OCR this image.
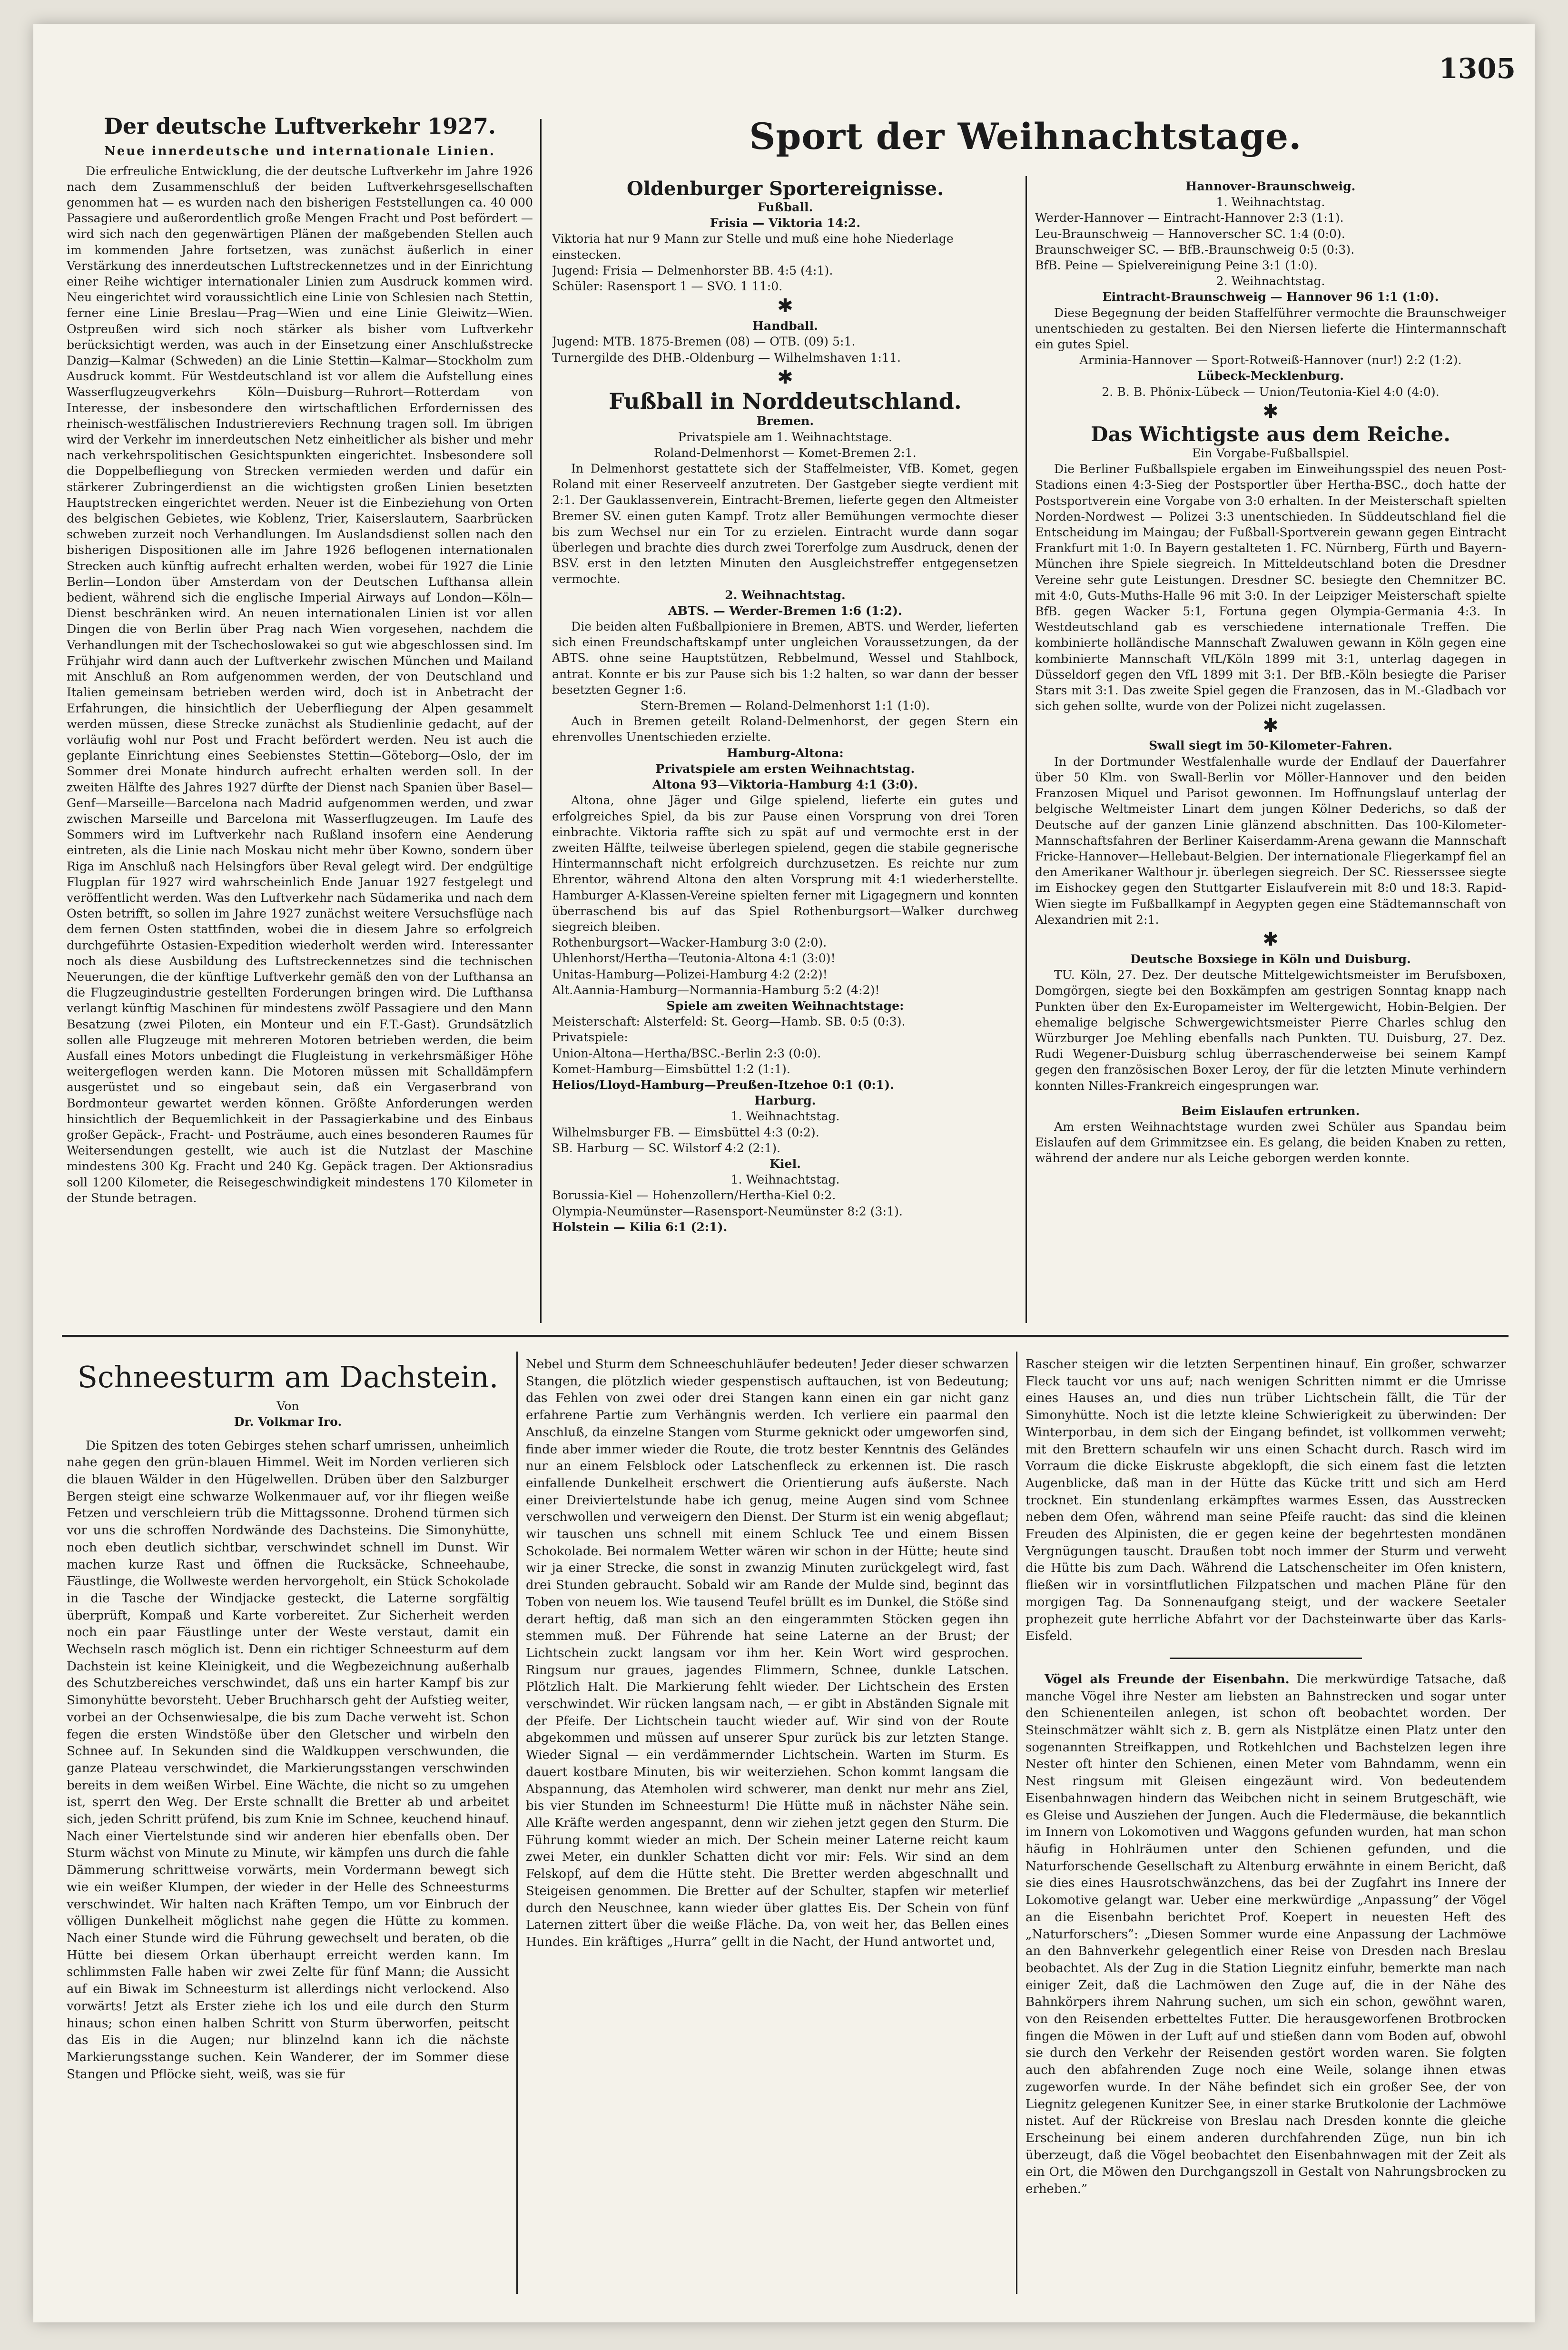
1305
Der deutsche Luftverkehr 1927.
Neue innerdeutsche und internationale Linien.

Die erfreuliche Entwicklung, die der deutsche Luftverkehr im Jahre 1926 nach dem Zusammenschluß der beiden Luftverkehrsgesellschaften genommen hat — es wurden nach den bisherigen Feststellungen ca. 40 000 Passagiere und außerordentlich große Mengen Fracht und Post befördert — wird sich nach den gegenwärtigen Plänen der maßgebenden Stellen auch im kommenden Jahre fortsetzen, was zunächst äußerlich in einer Verstärkung des innerdeutschen Luftstreckennetzes und in der Einrichtung einer Reihe wichtiger internationaler Linien zum Ausdruck kommen wird. Neu eingerichtet wird voraussichtlich eine Linie von Schlesien nach Stettin, ferner eine Linie Breslau—Prag—Wien und eine Linie Gleiwitz—Wien. Ostpreußen wird sich noch stärker als bisher vom Luftverkehr berücksichtigt werden, was auch in der Einsetzung einer Anschlußstrecke Danzig—Kalmar (Schweden) an die Linie Stettin—Kalmar—Stockholm zum Ausdruck kommt. Für Westdeutschland ist vor allem die Aufstellung eines Wasserflugzeugverkehrs Köln—Duisburg—Ruhrort—Rotterdam von Interesse, der insbesondere den wirtschaftlichen Erfordernissen des rheinisch-westfälischen Industriereviers Rechnung tragen soll. Im übrigen wird der Verkehr im innerdeutschen Netz einheitlicher als bisher und mehr nach verkehrspolitischen Gesichtspunkten eingerichtet. Insbesondere soll die Doppelbefliegung von Strecken vermieden werden und dafür ein stärkerer Zubringerdienst an die wichtigsten großen Linien besetzten Hauptstrecken eingerichtet werden. Neuer ist die Einbeziehung von Orten des belgischen Gebietes, wie Koblenz, Trier, Kaiserslautern, Saarbrücken schweben zurzeit noch Verhandlungen. Im Auslandsdienst sollen nach den bisherigen Dispositionen alle im Jahre 1926 beflogenen internationalen Strecken auch künftig aufrecht erhalten werden, wobei für 1927 die Linie Berlin—London über Amsterdam von der Deutschen Lufthansa allein bedient, während sich die englische Imperial Airways auf London—Köln—Dienst beschränken wird. An neuen internationalen Linien ist vor allen Dingen die von Berlin über Prag nach Wien vorgesehen, nachdem die Verhandlungen mit der Tschechoslowakei so gut wie abgeschlossen sind. Im Frühjahr wird dann auch der Luftverkehr zwischen München und Mailand mit Anschluß an Rom aufgenommen werden, der von Deutschland und Italien gemeinsam betrieben werden wird, doch ist in Anbetracht der Erfahrungen, die hinsichtlich der Ueberfliegung der Alpen gesammelt werden müssen, diese Strecke zunächst als Studienlinie gedacht, auf der vorläufig wohl nur Post und Fracht befördert werden. Neu ist auch die geplante Einrichtung eines Seebienstes Stettin—Göteborg—Oslo, der im Sommer drei Monate hindurch aufrecht erhalten werden soll. In der zweiten Hälfte des Jahres 1927 dürfte der Dienst nach Spanien über Basel—Genf—Marseille—Barcelona nach Madrid aufgenommen werden, und zwar zwischen Marseille und Barcelona mit Wasserflugzeugen. Im Laufe des Sommers wird im Luftverkehr nach Rußland insofern eine Aenderung eintreten, als die Linie nach Moskau nicht mehr über Kowno, sondern über Riga im Anschluß nach Helsingfors über Reval gelegt wird. Der endgültige Flugplan für 1927 wird wahrscheinlich Ende Januar 1927 festgelegt und veröffentlicht werden. Was den Luftverkehr nach Südamerika und nach dem Osten betrifft, so sollen im Jahre 1927 zunächst weitere Versuchsflüge nach dem fernen Osten stattfinden, wobei die in diesem Jahre so erfolgreich durchgeführte Ostasien-Expedition wiederholt werden wird. Interessanter noch als diese Ausbildung des Luftstreckennetzes sind die technischen Neuerungen, die der künftige Luftverkehr gemäß den von der Lufthansa an die Flugzeugindustrie gestellten Forderungen bringen wird. Die Lufthansa verlangt künftig Maschinen für mindestens zwölf Passagiere und den Mann Besatzung (zwei Piloten, ein Monteur und ein F.T.-Gast). Grundsätzlich sollen alle Flugzeuge mit mehreren Motoren betrieben werden, die beim Ausfall eines Motors unbedingt die Flugleistung in verkehrsmäßiger Höhe weitergeflogen werden kann. Die Motoren müssen mit Schalldämpfern ausgerüstet und so eingebaut sein, daß ein Vergaserbrand von Bordmonteur gewartet werden können. Größte Anforderungen werden hinsichtlich der Bequemlichkeit in der Passagierkabine und des Einbaus großer Gepäck-, Fracht- und Posträume, auch eines besonderen Raumes für Weitersendungen gestellt, wie auch ist die Nutzlast der Maschine mindestens 300 Kg. Fracht und 240 Kg. Gepäck tragen. Der Aktionsradius soll 1200 Kilometer, die Reisegeschwindigkeit mindestens 170 Kilometer in der Stunde betragen.

Sport der Weihnachtstage.
Oldenburger Sportereignisse.
Fußball.
Frisia — Viktoria 14:2.
Viktoria hat nur 9 Mann zur Stelle und muß eine hohe Niederlage einstecken.
Jugend: Frisia — Delmenhorster BB. 4:5 (4:1).
Schüler: Rasensport 1 — SVO. 1 11:0.
✱
Handball.
Jugend: MTB. 1875-Bremen (08) — OTB. (09) 5:1.
Turnergilde des DHB.-Oldenburg — Wilhelmshaven 1:11.
✱
Fußball in Norddeutschland.
Bremen.
Privatspiele am 1. Weihnachtstage.
Roland-Delmenhorst — Komet-Bremen 2:1.

In Delmenhorst gestattete sich der Staffelmeister, VfB. Komet, gegen Roland mit einer Reserveelf anzutreten. Der Gastgeber siegte verdient mit 2:1. Der Gauklassenverein, Eintracht-Bremen, lieferte gegen den Altmeister Bremer SV. einen guten Kampf. Trotz aller Bemühungen vermochte dieser bis zum Wechsel nur ein Tor zu erzielen. Eintracht wurde dann sogar überlegen und brachte dies durch zwei Torerfolge zum Ausdruck, denen der BSV. erst in den letzten Minuten den Ausgleichstreffer entgegensetzen vermochte.

2. Weihnachtstag.
ABTS. — Werder-Bremen 1:6 (1:2).

Die beiden alten Fußballpioniere in Bremen, ABTS. und Werder, lieferten sich einen Freundschaftskampf unter ungleichen Voraussetzungen, da der ABTS. ohne seine Hauptstützen, Rebbelmund, Wessel und Stahlbock, antrat. Konnte er bis zur Pause sich bis 1:2 halten, so war dann der besser besetzten Gegner 1:6.

Stern-Bremen — Roland-Delmenhorst 1:1 (1:0).

Auch in Bremen geteilt Roland-Delmenhorst, der gegen Stern ein ehrenvolles Unentschieden erzielte.

Hamburg-Altona:
Privatspiele am ersten Weihnachtstag.
Altona 93—Viktoria-Hamburg 4:1 (3:0).

Altona, ohne Jäger und Gilge spielend, lieferte ein gutes und erfolgreiches Spiel, da bis zur Pause einen Vorsprung von drei Toren einbrachte. Viktoria raffte sich zu spät auf und vermochte erst in der zweiten Hälfte, teilweise überlegen spielend, gegen die stabile gegnerische Hintermannschaft nicht erfolgreich durchzusetzen. Es reichte nur zum Ehrentor, während Altona den alten Vorsprung mit 4:1 wiederherstellte. Hamburger A-Klassen-Vereine spielten ferner mit Ligagegnern und konnten überraschend bis auf das Spiel Rothenburgsort—Walker durchweg siegreich bleiben.

Rothenburgsort—Wacker-Hamburg 3:0 (2:0).
Uhlenhorst/Hertha—Teutonia-Altona 4:1 (3:0)!
Unitas-Hamburg—Polizei-Hamburg 4:2 (2:2)!
Alt.Aannia-Hamburg—Normannia-Hamburg 5:2 (4:2)!
Spiele am zweiten Weihnachtstage:
Meisterschaft: Alsterfeld: St. Georg—Hamb. SB. 0:5 (0:3).
Privatspiele:
Union-Altona—Hertha/BSC.-Berlin 2:3 (0:0).
Komet-Hamburg—Eimsbüttel 1:2 (1:1).
Helios/Lloyd-Hamburg—Preußen-Itzehoe 0:1 (0:1).
Harburg.
1. Weihnachtstag.
Wilhelmsburger FB. — Eimsbüttel 4:3 (0:2).
SB. Harburg — SC. Wilstorf 4:2 (2:1).
Kiel.
1. Weihnachtstag.
Borussia-Kiel — Hohenzollern/Hertha-Kiel 0:2.
Olympia-Neumünster—Rasensport-Neumünster 8:2 (3:1).
Holstein — Kilia 6:1 (2:1).
Hannover-Braunschweig.
1. Weihnachtstag.
Werder-Hannover — Eintracht-Hannover 2:3 (1:1).
Leu-Braunschweig — Hannoverscher SC. 1:4 (0:0).
Braunschweiger SC. — BfB.-Braunschweig 0:5 (0:3).
BfB. Peine — Spielvereinigung Peine 3:1 (1:0).
2. Weihnachtstag.
Eintracht-Braunschweig — Hannover 96 1:1 (1:0).

Diese Begegnung der beiden Staffelführer vermochte die Braunschweiger unentschieden zu gestalten. Bei den Niersen lieferte die Hintermannschaft ein gutes Spiel.

Arminia-Hannover — Sport-Rotweiß-Hannover (nur!) 2:2 (1:2).
Lübeck-Mecklenburg.
2. B. B. Phönix-Lübeck — Union/Teutonia-Kiel 4:0 (4:0).
✱
Das Wichtigste aus dem Reiche.
Ein Vorgabe-Fußballspiel.

Die Berliner Fußballspiele ergaben im Einweihungsspiel des neuen Post-Stadions einen 4:3-Sieg der Postsportler über Hertha-BSC., doch hatte der Postsportverein eine Vorgabe von 3:0 erhalten. In der Meisterschaft spielten Norden-Nordwest — Polizei 3:3 unentschieden. In Süddeutschland fiel die Entscheidung im Maingau; der Fußball-Sportverein gewann gegen Eintracht Frankfurt mit 1:0. In Bayern gestalteten 1. FC. Nürnberg, Fürth und Bayern-München ihre Spiele siegreich. In Mitteldeutschland boten die Dresdner Vereine sehr gute Leistungen. Dresdner SC. besiegte den Chemnitzer BC. mit 4:0, Guts-Muths-Halle 96 mit 3:0. In der Leipziger Meisterschaft spielte BfB. gegen Wacker 5:1, Fortuna gegen Olympia-Germania 4:3. In Westdeutschland gab es verschiedene internationale Treffen. Die kombinierte holländische Mannschaft Zwaluwen gewann in Köln gegen eine kombinierte Mannschaft VfL/Köln 1899 mit 3:1, unterlag dagegen in Düsseldorf gegen den VfL 1899 mit 3:1. Der BfB.-Köln besiegte die Pariser Stars mit 3:1. Das zweite Spiel gegen die Franzosen, das in M.-Gladbach vor sich gehen sollte, wurde von der Polizei nicht zugelassen.

✱
Swall siegt im 50-Kilometer-Fahren.

In der Dortmunder Westfalenhalle wurde der Endlauf der Dauerfahrer über 50 Klm. von Swall-Berlin vor Möller-Hannover und den beiden Franzosen Miquel und Parisot gewonnen. Im Hoffnungslauf unterlag der belgische Weltmeister Linart dem jungen Kölner Dederichs, so daß der Deutsche auf der ganzen Linie glänzend abschnitten. Das 100-Kilometer-Mannschaftsfahren der Berliner Kaiserdamm-Arena gewann die Mannschaft Fricke-Hannover—Hellebaut-Belgien. Der internationale Fliegerkampf fiel an den Amerikaner Walthour jr. überlegen siegreich. Der SC. Riesserssee siegte im Eishockey gegen den Stuttgarter Eislaufverein mit 8:0 und 18:3. Rapid-Wien siegte im Fußballkampf in Aegypten gegen eine Städtemannschaft von Alexandrien mit 2:1.

✱
Deutsche Boxsiege in Köln und Duisburg.

TU. Köln, 27. Dez. Der deutsche Mittelgewichtsmeister im Berufsboxen, Domgörgen, siegte bei den Boxkämpfen am gestrigen Sonntag knapp nach Punkten über den Ex-Europameister im Weltergewicht, Hobin-Belgien. Der ehemalige belgische Schwergewichtsmeister Pierre Charles schlug den Würzburger Joe Mehling ebenfalls nach Punkten. TU. Duisburg, 27. Dez. Rudi Wegener-Duisburg schlug überraschenderweise bei seinem Kampf gegen den französischen Boxer Leroy, der für die letzten Minute verhindern konnten Nilles-Frankreich eingesprungen war.

Beim Eislaufen ertrunken.

Am ersten Weihnachtstage wurden zwei Schüler aus Spandau beim Eislaufen auf dem Grimmitzsee ein. Es gelang, die beiden Knaben zu retten, während der andere nur als Leiche geborgen werden konnte.

Schneesturm am Dachstein.
Von
Dr. Volkmar Iro.

Die Spitzen des toten Gebirges stehen scharf umrissen, unheimlich nahe gegen den grün-blauen Himmel. Weit im Norden verlieren sich die blauen Wälder in den Hügelwellen. Drüben über den Salzburger Bergen steigt eine schwarze Wolkenmauer auf, vor ihr fliegen weiße Fetzen und verschleiern trüb die Mittagssonne. Drohend türmen sich vor uns die schroffen Nordwände des Dachsteins. Die Simonyhütte, noch eben deutlich sichtbar, verschwindet schnell im Dunst. Wir machen kurze Rast und öffnen die Rucksäcke, Schneehaube, Fäustlinge, die Wollweste werden hervorgeholt, ein Stück Schokolade in die Tasche der Windjacke gesteckt, die Laterne sorgfältig überprüft, Kompaß und Karte vorbereitet. Zur Sicherheit werden noch ein paar Fäustlinge unter der Weste verstaut, damit ein Wechseln rasch möglich ist. Denn ein richtiger Schneesturm auf dem Dachstein ist keine Kleinigkeit, und die Wegbezeichnung außerhalb des Schutzbereiches verschwindet, daß uns ein harter Kampf bis zur Simonyhütte bevorsteht. Ueber Bruchharsch geht der Aufstieg weiter, vorbei an der Ochsenwiesalpe, die bis zum Dache verweht ist. Schon fegen die ersten Windstöße über den Gletscher und wirbeln den Schnee auf. In Sekunden sind die Waldkuppen verschwunden, die ganze Plateau verschwindet, die Markierungsstangen verschwinden bereits in dem weißen Wirbel. Eine Wächte, die nicht so zu umgehen ist, sperrt den Weg. Der Erste schnallt die Bretter ab und arbeitet sich, jeden Schritt prüfend, bis zum Knie im Schnee, keuchend hinauf. Nach einer Viertelstunde sind wir anderen hier ebenfalls oben. Der Sturm wächst von Minute zu Minute, wir kämpfen uns durch die fahle Dämmerung schrittweise vorwärts, mein Vordermann bewegt sich wie ein weißer Klumpen, der wieder in der Helle des Schneesturms verschwindet. Wir halten nach Kräften Tempo, um vor Einbruch der völligen Dunkelheit möglichst nahe gegen die Hütte zu kommen. Nach einer Stunde wird die Führung gewechselt und beraten, ob die Hütte bei diesem Orkan überhaupt erreicht werden kann. Im schlimmsten Falle haben wir zwei Zelte für fünf Mann; die Aussicht auf ein Biwak im Schneesturm ist allerdings nicht verlockend. Also vorwärts! Jetzt als Erster ziehe ich los und eile durch den Sturm hinaus; schon einen halben Schritt von Sturm überworfen, peitscht das Eis in die Augen; nur blinzelnd kann ich die nächste Markierungsstange suchen. Kein Wanderer, der im Sommer diese Stangen und Pflöcke sieht, weiß, was sie für

Nebel und Sturm dem Schneeschuhläufer bedeuten! Jeder dieser schwarzen Stangen, die plötzlich wieder gespenstisch auftauchen, ist von Bedeutung; das Fehlen von zwei oder drei Stangen kann einen ein gar nicht ganz erfahrene Partie zum Verhängnis werden. Ich verliere ein paarmal den Anschluß, da einzelne Stangen vom Sturme geknickt oder umgeworfen sind, finde aber immer wieder die Route, die trotz bester Kenntnis des Geländes nur an einem Felsblock oder Latschenfleck zu erkennen ist. Die rasch einfallende Dunkelheit erschwert die Orientierung aufs äußerste. Nach einer Dreiviertelstunde habe ich genug, meine Augen sind vom Schnee verschwollen und verweigern den Dienst. Der Sturm ist ein wenig abgeflaut; wir tauschen uns schnell mit einem Schluck Tee und einem Bissen Schokolade. Bei normalem Wetter wären wir schon in der Hütte; heute sind wir ja einer Strecke, die sonst in zwanzig Minuten zurückgelegt wird, fast drei Stunden gebraucht. Sobald wir am Rande der Mulde sind, beginnt das Toben von neuem los. Wie tausend Teufel brüllt es im Dunkel, die Stöße sind derart heftig, daß man sich an den eingerammten Stöcken gegen ihn stemmen muß. Der Führende hat seine Laterne an der Brust; der Lichtschein zuckt langsam vor ihm her. Kein Wort wird gesprochen. Ringsum nur graues, jagendes Flimmern, Schnee, dunkle Latschen. Plötzlich Halt. Die Markierung fehlt wieder. Der Lichtschein des Ersten verschwindet. Wir rücken langsam nach, — er gibt in Abständen Signale mit der Pfeife. Der Lichtschein taucht wieder auf. Wir sind von der Route abgekommen und müssen auf unserer Spur zurück bis zur letzten Stange. Wieder Signal — ein verdämmernder Lichtschein. Warten im Sturm. Es dauert kostbare Minuten, bis wir weiterziehen. Schon kommt langsam die Abspannung, das Atemholen wird schwerer, man denkt nur mehr ans Ziel, bis vier Stunden im Schneesturm! Die Hütte muß in nächster Nähe sein. Alle Kräfte werden angespannt, denn wir ziehen jetzt gegen den Sturm. Die Führung kommt wieder an mich. Der Schein meiner Laterne reicht kaum zwei Meter, ein dunkler Schatten dicht vor mir: Fels. Wir sind an dem Felskopf, auf dem die Hütte steht. Die Bretter werden abgeschnallt und Steigeisen genommen. Die Bretter auf der Schulter, stapfen wir meterlief durch den Neuschnee, kann wieder über glattes Eis. Der Schein von fünf Laternen zittert über die weiße Fläche. Da, von weit her, das Bellen eines Hundes. Ein kräftiges „Hurra” gellt in die Nacht, der Hund antwortet und,

Rascher steigen wir die letzten Serpentinen hinauf. Ein großer, schwarzer Fleck taucht vor uns auf; nach wenigen Schritten nimmt er die Umrisse eines Hauses an, und dies nun trüber Lichtschein fällt, die Tür der Simonyhütte. Noch ist die letzte kleine Schwierigkeit zu überwinden: Der Winterporbau, in dem sich der Eingang befindet, ist vollkommen verweht; mit den Brettern schaufeln wir uns einen Schacht durch. Rasch wird im Vorraum die dicke Eiskruste abgeklopft, die sich einem fast die letzten Augenblicke, daß man in der Hütte das Kücke tritt und sich am Herd trocknet. Ein stundenlang erkämpftes warmes Essen, das Ausstrecken neben dem Ofen, während man seine Pfeife raucht: das sind die kleinen Freuden des Alpinisten, die er gegen keine der begehrtesten mondänen Vergnügungen tauscht. Draußen tobt noch immer der Sturm und verweht die Hütte bis zum Dach. Während die Latschenscheiter im Ofen knistern, fließen wir in vorsintflutlichen Filzpatschen und machen Pläne für den morgigen Tag. Da Sonnenaufgang steigt, und der wackere Seetaler prophezeit gute herrliche Abfahrt vor der Dachsteinwarte über das Karls-Eisfeld.

Vögel als Freunde der Eisenbahn. Die merkwürdige Tatsache, daß manche Vögel ihre Nester am liebsten an Bahnstrecken und sogar unter den Schienenteilen anlegen, ist schon oft beobachtet worden. Der Steinschmätzer wählt sich z. B. gern als Nistplätze einen Platz unter den sogenannten Streifkappen, und Rotkehlchen und Bachstelzen legen ihre Nester oft hinter den Schienen, einen Meter vom Bahndamm, wenn ein Nest ringsum mit Gleisen eingezäunt wird. Von bedeutendem Eisenbahnwagen hindern das Weibchen nicht in seinem Brutgeschäft, wie es Gleise und Ausziehen der Jungen. Auch die Fledermäuse, die bekanntlich im Innern von Lokomotiven und Waggons gefunden wurden, hat man schon häufig in Hohlräumen unter den Schienen gefunden, und die Naturforschende Gesellschaft zu Altenburg erwähnte in einem Bericht, daß sie dies eines Hausrotschwänzchens, das bei der Zugfahrt ins Innere der Lokomotive gelangt war. Ueber eine merkwürdige „Anpassung” der Vögel an die Eisenbahn berichtet Prof. Koepert in neuesten Heft des „Naturforschers”: „Diesen Sommer wurde eine Anpassung der Lachmöwe an den Bahnverkehr gelegentlich einer Reise von Dresden nach Breslau beobachtet. Als der Zug in die Station Liegnitz einfuhr, bemerkte man nach einiger Zeit, daß die Lachmöwen den Zuge auf, die in der Nähe des Bahnkörpers ihrem Nahrung suchen, um sich ein schon, gewöhnt waren, von den Reisenden erbetteltes Futter. Die herausgeworfenen Brotbrocken fingen die Möwen in der Luft auf und stießen dann vom Boden auf, obwohl sie durch den Verkehr der Reisenden gestört worden waren. Sie folgten auch den abfahrenden Zuge noch eine Weile, solange ihnen etwas zugeworfen wurde. In der Nähe befindet sich ein großer See, der von Liegnitz gelegenen Kunitzer See, in einer starke Brutkolonie der Lachmöwe nistet. Auf der Rückreise von Breslau nach Dresden konnte die gleiche Erscheinung bei einem anderen durchfahrenden Züge, nun bin ich überzeugt, daß die Vögel beobachtet den Eisenbahnwagen mit der Zeit als ein Ort, die Möwen den Durchgangszoll in Gestalt von Nahrungsbrocken zu erheben.”
